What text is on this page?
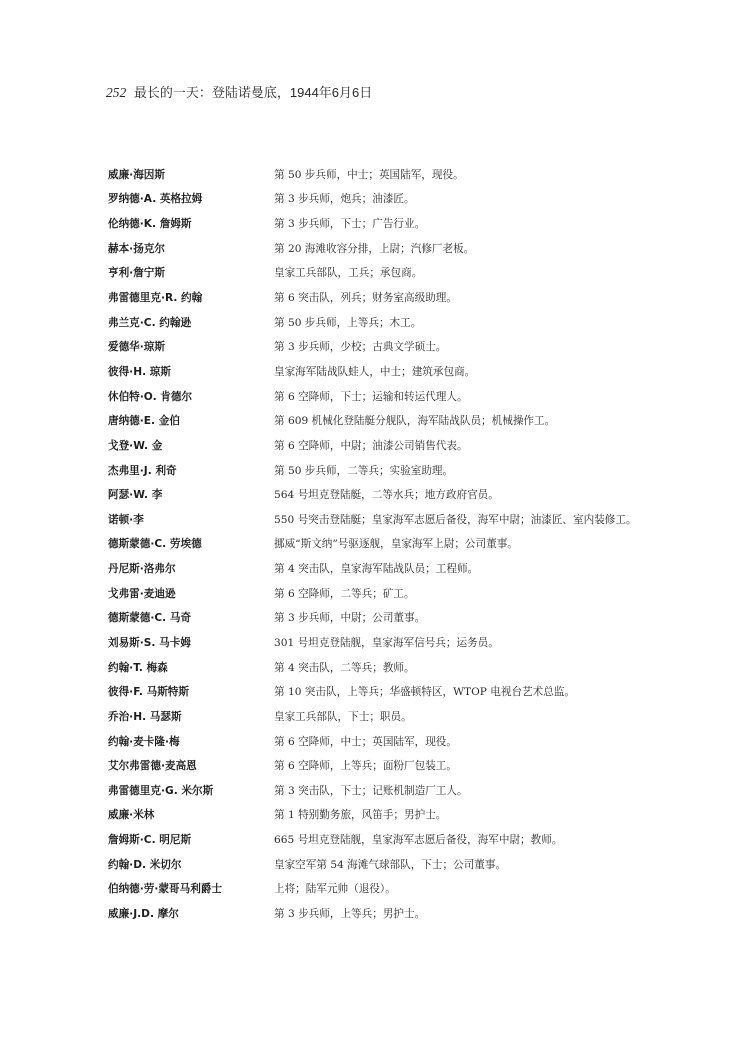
252 最长的一天：登陆诺曼底，1944年6月6日
威廉·海因斯	第 50 步兵师，中士；英国陆军，现役。
罗纳德·A. 英格拉姆	第 3 步兵师，炮兵；油漆匠。
伦纳德·K. 詹姆斯	第 3 步兵师，下士；广告行业。
赫本·扬克尔	第 20 海滩收容分排，上尉；汽修厂老板。
亨利·詹宁斯	皇家工兵部队，工兵；承包商。
弗雷德里克·R. 约翰	第 6 突击队，列兵；财务室高级助理。
弗兰克·C. 约翰逊	第 50 步兵师，上等兵；木工。
爱德华·琼斯	第 3 步兵师，少校；古典文学硕士。
彼得·H. 琼斯	皇家海军陆战队蛙人，中士；建筑承包商。
休伯特·O. 肯德尔	第 6 空降师，下士；运输和转运代理人。
唐纳德·E. 金伯	第 609 机械化登陆艇分舰队，海军陆战队员；机械操作工。
戈登·W. 金	第 6 空降师，中尉；油漆公司销售代表。
杰弗里·J. 利奇	第 50 步兵师，二等兵；实验室助理。
阿瑟·W. 李	564 号坦克登陆艇，二等水兵；地方政府官员。
诺顿·李	550 号突击登陆艇；皇家海军志愿后备役，海军中尉；油漆匠、室内装修工。
德斯蒙德·C. 劳埃德	挪威“斯文纳”号驱逐舰，皇家海军上尉；公司董事。
丹尼斯·洛弗尔	第 4 突击队，皇家海军陆战队员；工程师。
戈弗雷·麦迪逊	第 6 空降师，二等兵；矿工。
德斯蒙德·C. 马奇	第 3 步兵师，中尉；公司董事。
刘易斯·S. 马卡姆	301 号坦克登陆舰，皇家海军信号兵；运务员。
约翰·T. 梅森	第 4 突击队，二等兵；教师。
彼得·F. 马斯特斯	第 10 突击队，上等兵；华盛顿特区，WTOP 电视台艺术总监。
乔治·H. 马瑟斯	皇家工兵部队，下士；职员。
约翰·麦卡隆·梅	第 6 空降师，中士；英国陆军，现役。
艾尔弗雷德·麦高恩	第 6 空降师，上等兵；面粉厂包装工。
弗雷德里克·G. 米尔斯	第 3 突击队，下士；记账机制造厂工人。
威廉·米林	第 1 特别勤务旅，风笛手；男护士。
詹姆斯·C. 明尼斯	665 号坦克登陆舰，皇家海军志愿后备役，海军中尉；教师。
约翰·D. 米切尔	皇家空军第 54 海滩气球部队，下士；公司董事。
伯纳德·劳·蒙哥马利爵士	上将；陆军元帅（退役）。
威廉·J.D. 摩尔	第 3 步兵师，上等兵；男护士。
